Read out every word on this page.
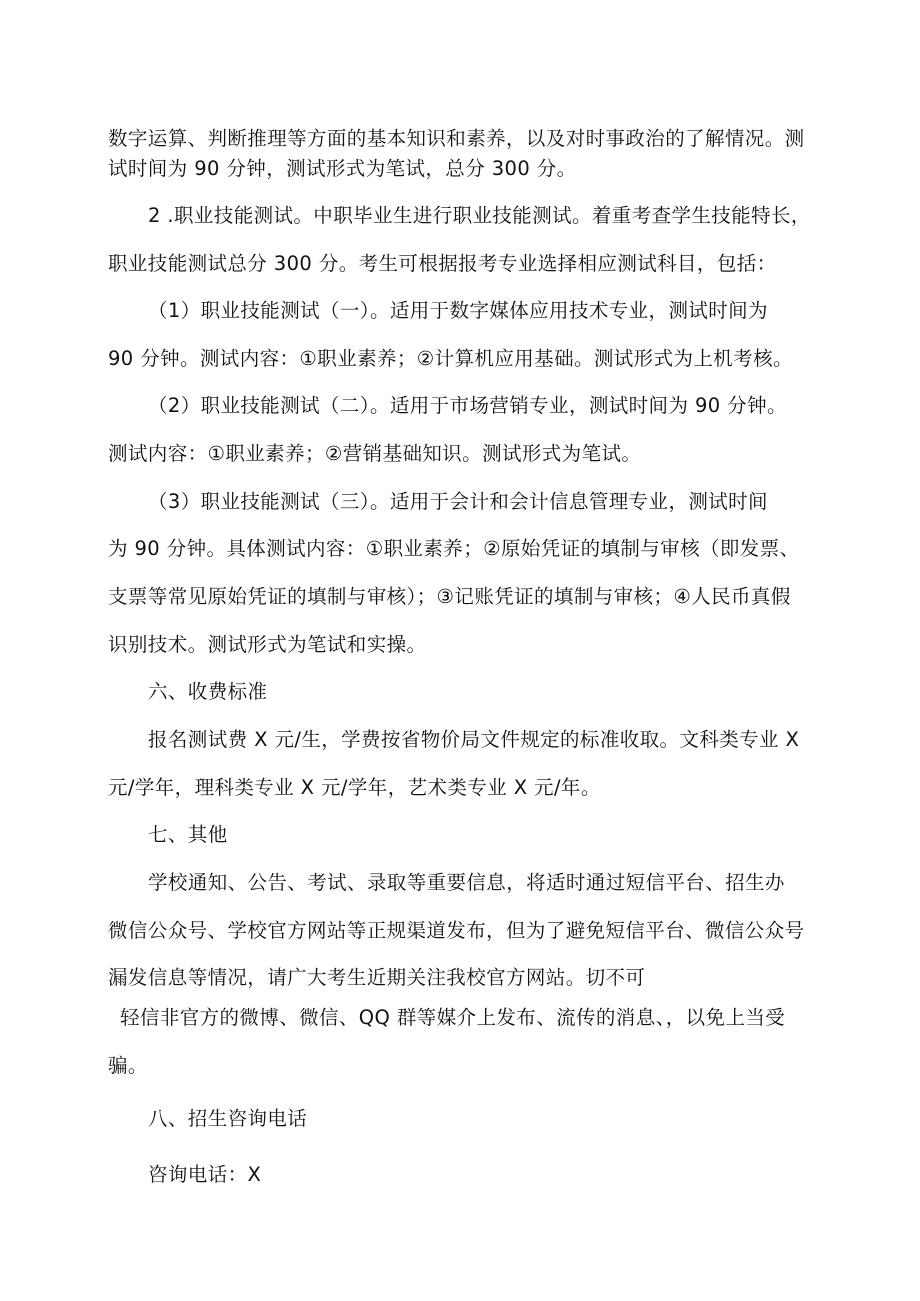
数字运算、判断推理等方面的基本知识和素养，以及对时事政治的了解情况。测
试时间为 90 分钟，测试形式为笔试，总分 300 分。
2 .职业技能测试。中职毕业生进行职业技能测试。着重考查学生技能特长，
职业技能测试总分 300 分。考生可根据报考专业选择相应测试科目，包括：
（1）职业技能测试（一）。适用于数字媒体应用技术专业，测试时间为
90 分钟。测试内容：①职业素养；②计算机应用基础。测试形式为上机考核。
（2）职业技能测试（二）。适用于市场营销专业，测试时间为 90 分钟。
测试内容：①职业素养；②营销基础知识。测试形式为笔试。
（3）职业技能测试（三）。适用于会计和会计信息管理专业，测试时间
为 90 分钟。具体测试内容：①职业素养；②原始凭证的填制与审核（即发票、
支票等常见原始凭证的填制与审核）；③记账凭证的填制与审核；④人民币真假
识别技术。测试形式为笔试和实操。
六、收费标准
报名测试费 X 元/生，学费按省物价局文件规定的标准收取。文科类专业 X
元/学年，理科类专业 X 元/学年，艺术类专业 X 元/年。
七、其他
学校通知、公告、考试、录取等重要信息，将适时通过短信平台、招生办
微信公众号、学校官方网站等正规渠道发布，但为了避免短信平台、微信公众号
漏发信息等情况，请广大考生近期关注我校官方网站。切不可
轻信非官方的微博、微信、QQ 群等媒介上发布、流传的消息、，以免上当受
骗。
八、招生咨询电话
咨询电话：X
